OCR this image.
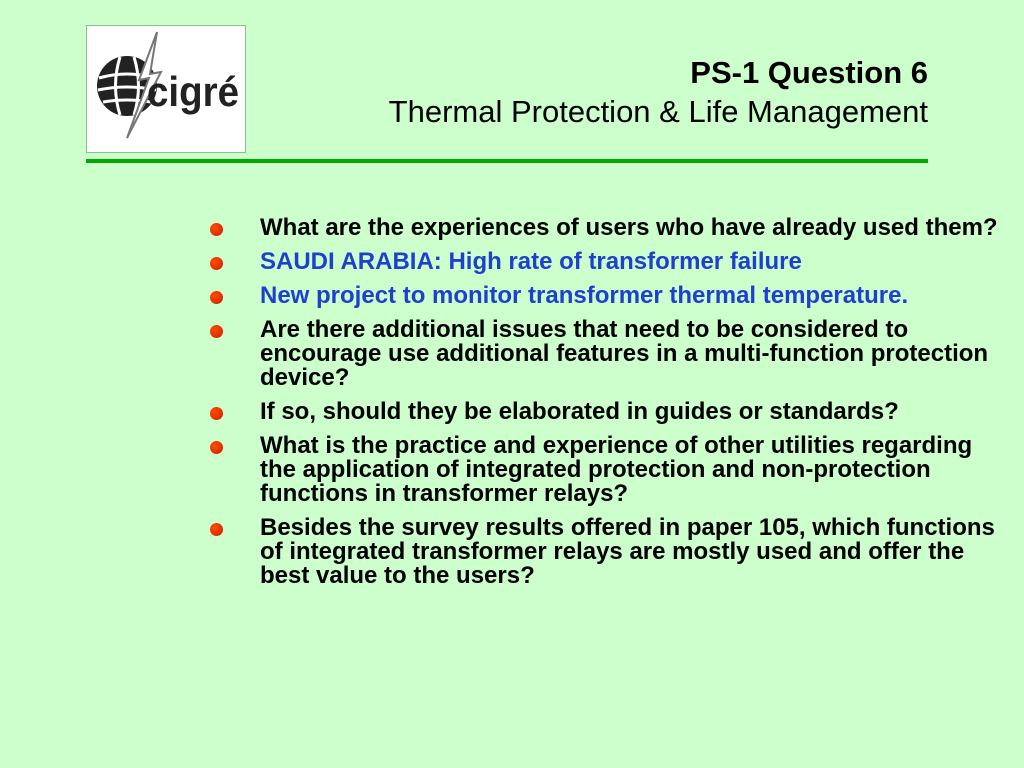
cigré	PS-1 Question 6
Thermal Protection & Life Management
What are the experiences of users who have already used them?
SAUDI ARABIA: High rate of transformer failure
New project to monitor transformer thermal temperature.
Are there additional issues that need to be considered to encourage use additional features in a multi-function protection device?
If so, should they be elaborated in guides or standards?
What is the practice and experience of other utilities regarding the application of integrated protection and non-protection functions in transformer relays?
Besides the survey results offered in paper 105, which functions of integrated transformer relays are mostly used and offer the best value to the users?
